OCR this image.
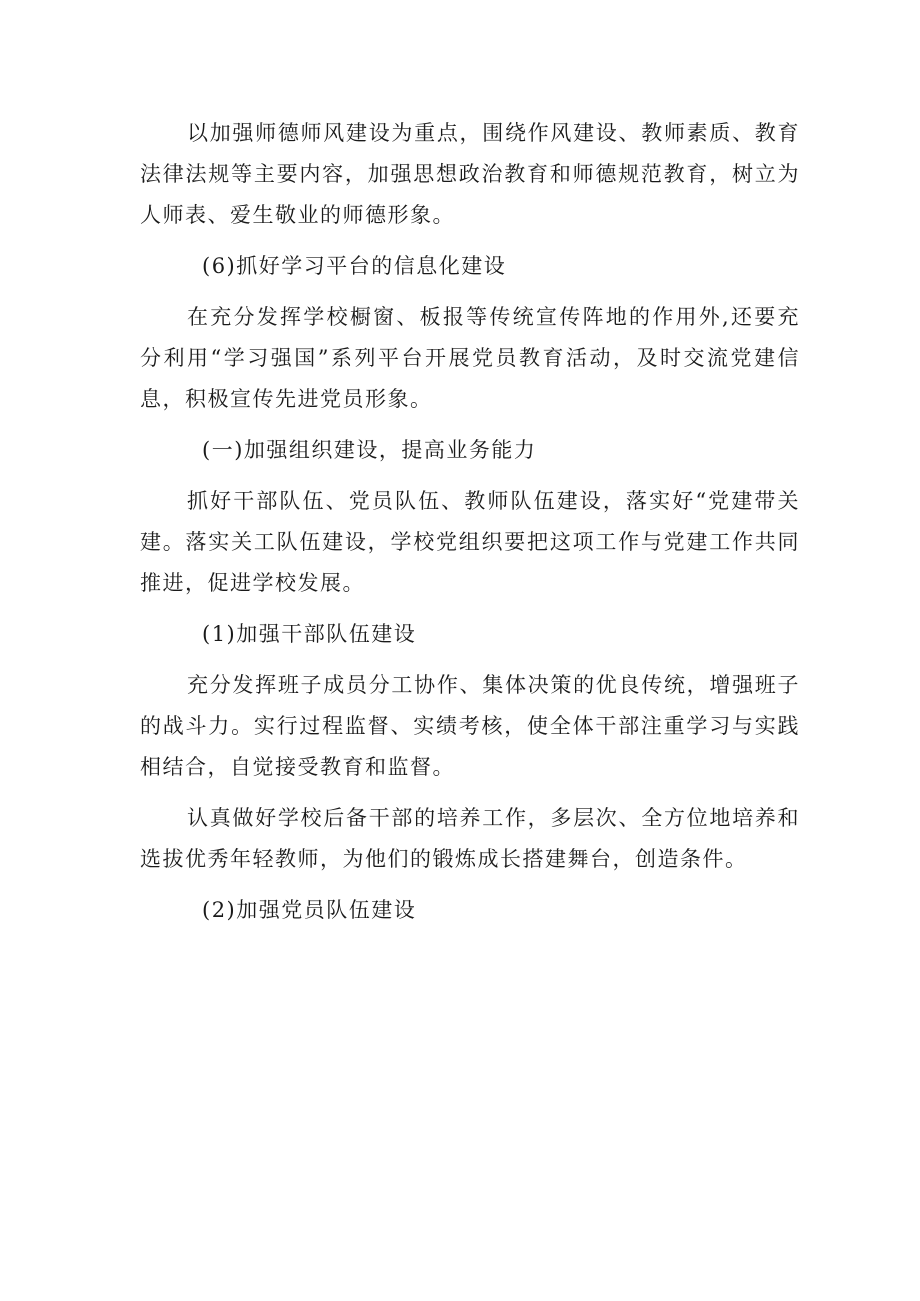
以加强师德师风建设为重点，围绕作风建设、教师素质、教育法律法规等主要内容，加强思想政治教育和师德规范教育，树立为人师表、爱生敬业的师德形象。

(6)抓好学习平台的信息化建设

在充分发挥学校橱窗、板报等传统宣传阵地的作用外,还要充分利用“学习强国”系列平台开展党员教育活动，及时交流党建信息，积极宣传先进党员形象。

(一)加强组织建设，提高业务能力

抓好干部队伍、党员队伍、教师队伍建设，落实好“党建带关建。落实关工队伍建设，学校党组织要把这项工作与党建工作共同推进，促进学校发展。

(1)加强干部队伍建设

充分发挥班子成员分工协作、集体决策的优良传统，增强班子的战斗力。实行过程监督、实绩考核，使全体干部注重学习与实践相结合，自觉接受教育和监督。

认真做好学校后备干部的培养工作，多层次、全方位地培养和选拔优秀年轻教师，为他们的锻炼成长搭建舞台，创造条件。

(2)加强党员队伍建设
